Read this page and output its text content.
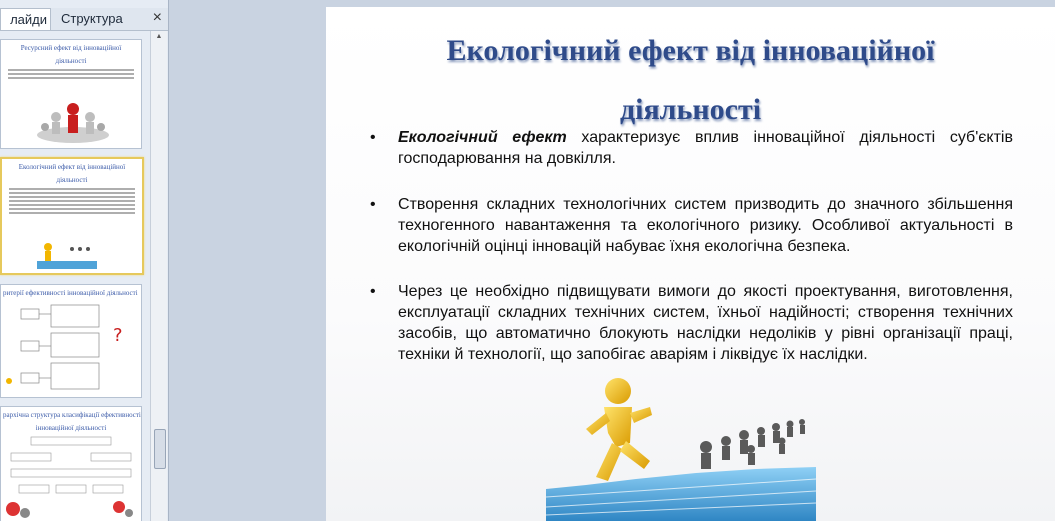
лайди	Структура	×
Ресурсний ефект від інноваційної
діяльності
Екологічний ефект від інноваційної
діяльності
ритерії ефективності інноваційної діяльності
?
рархічна структура класифікації ефективності
інноваційної діяльності
▲	Екологічний ефект від інноваційної
діяльності
• Екологічний ефект характеризує вплив інноваційної діяльності суб'єктів господарювання на довкілля.
• Створення складних технологічних систем призводить до значного збільшення техногенного навантаження та екологічного ризику. Особливої актуальності в екологічній оцінці інновацій набуває їхня екологічна безпека.
• Через це необхідно підвищувати вимоги до якості проектування, виготовлення, експлуатації складних технічних систем, їхньої надійності; створення технічних засобів, що автоматично блокують наслідки недоліків у рівні організації праці, техніки й технології, що запобігає аваріям і ліквідує їх наслідки.
